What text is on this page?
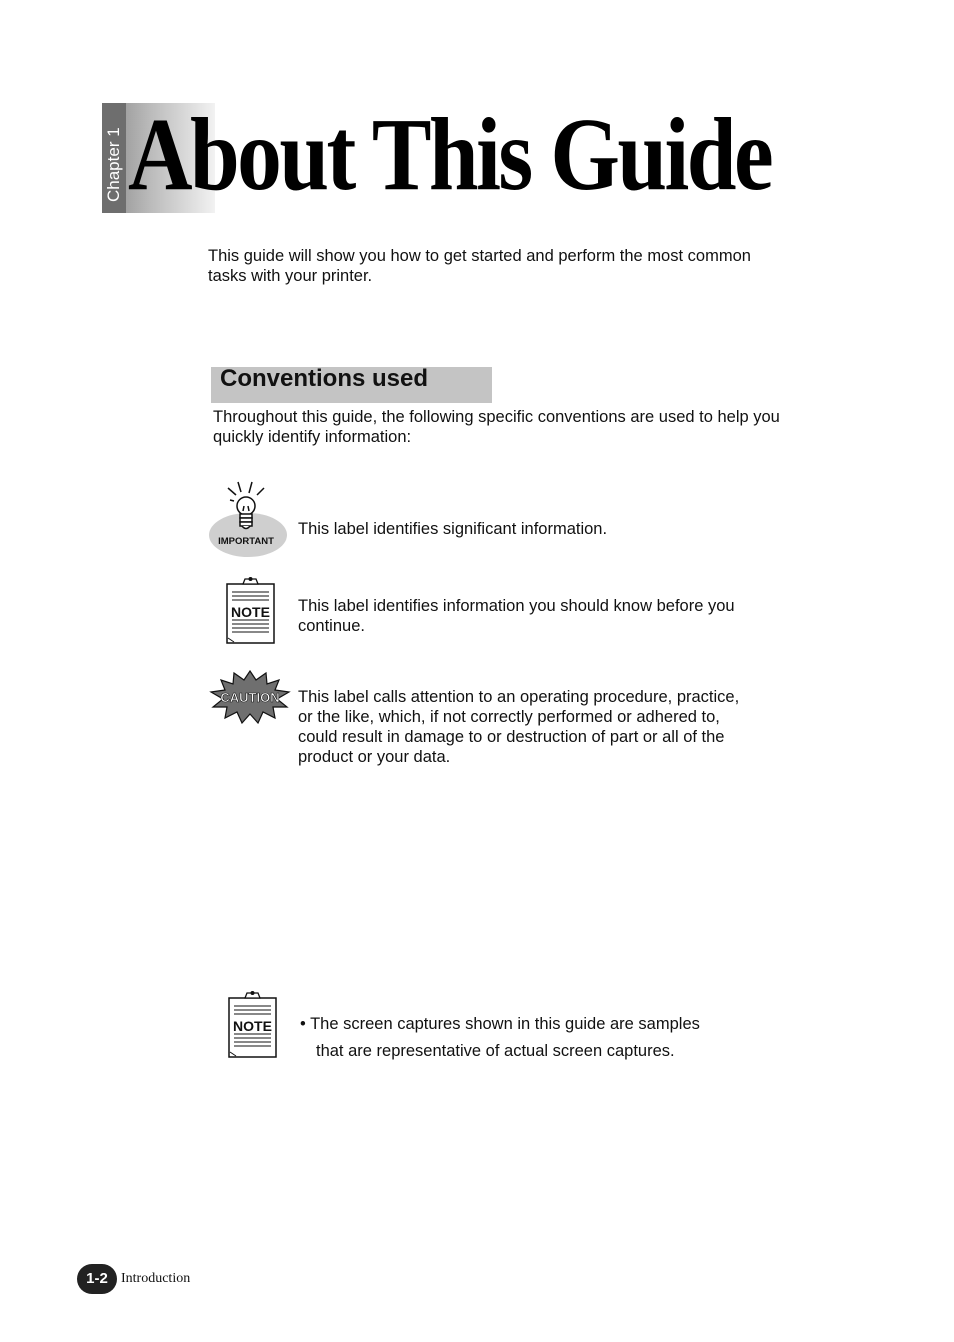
Chapter 1 About This Guide
This guide will show you how to get started and perform the most common tasks with your printer.
Conventions used
Throughout this guide, the following specific conventions are used to help you quickly identify information:
IMPORTANT
This label identifies significant information.
NOTE This label identifies information you should know before you continue.
CAUTION This label calls attention to an operating procedure, practice, or the like, which, if not correctly performed or adhered to, could result in damage to or destruction of part or all of the product or your data.
NOTE • The screen captures shown in this guide are samples
that are representative of actual screen captures.
1-2 Introduction
